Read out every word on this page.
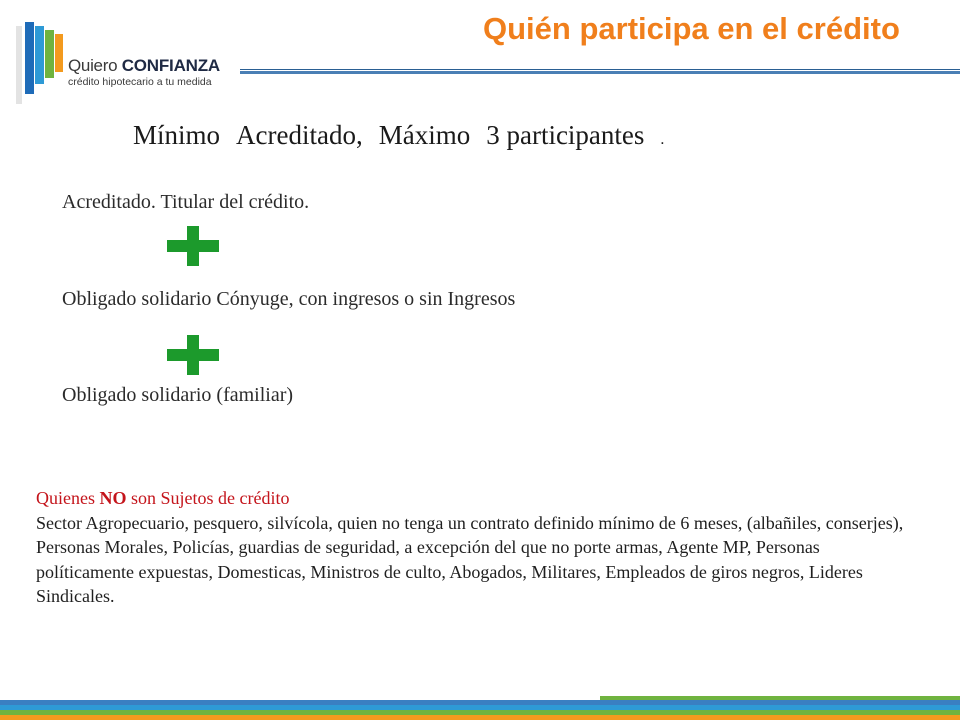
Quiero CONFIANZA
crédito hipotecario a tu medida
Quién participa en el crédito

Mínimo Acreditado, Máximo 3 participantes .

Acreditado. Titular del crédito.

Obligado solidario Cónyuge, con ingresos o sin Ingresos

Obligado solidario (familiar)

Quienes NO son Sujetos de crédito
Sector Agropecuario, pesquero, silvícola, quien no tenga un contrato definido mínimo de 6 meses, (albañiles, conserjes), Personas Morales, Policías, guardias de seguridad, a excepción del que no porte armas, Agente MP, Personas políticamente expuestas, Domesticas, Ministros de culto, Abogados, Militares, Empleados de giros negros, Lideres Sindicales.
